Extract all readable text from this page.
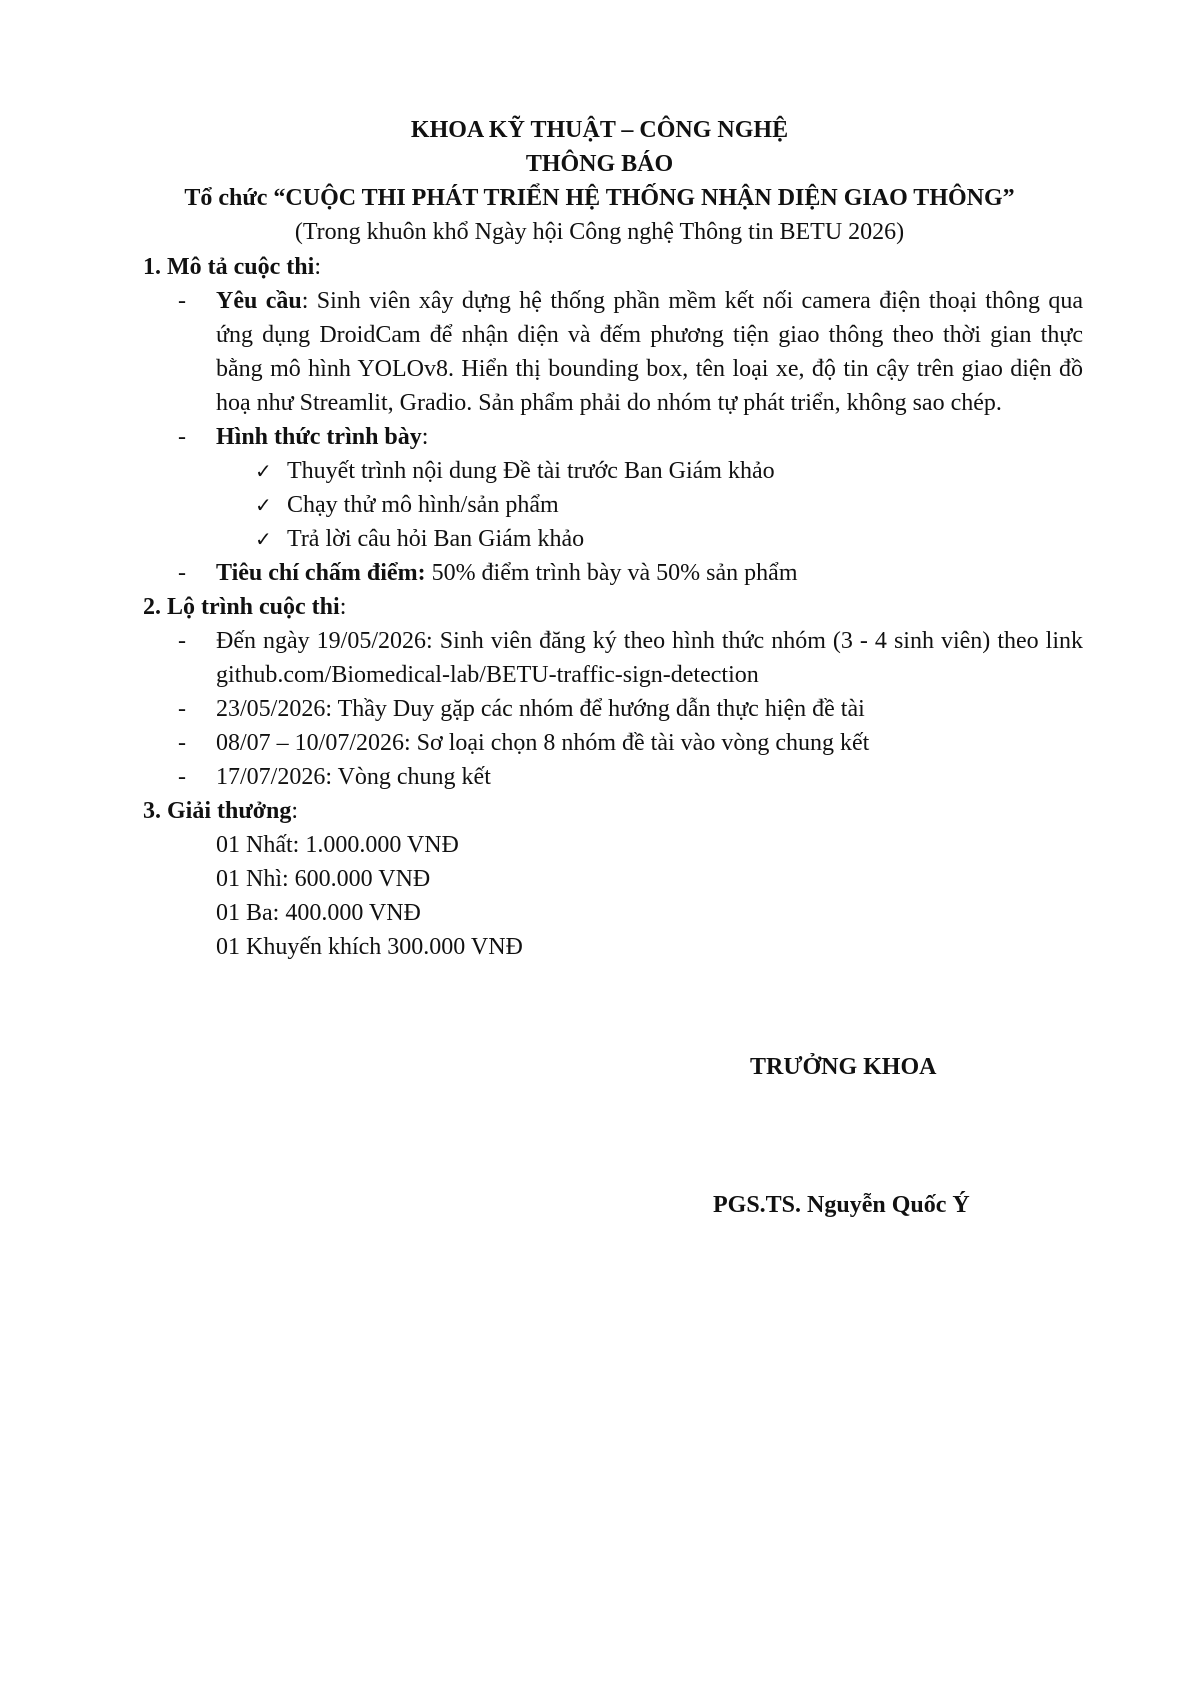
KHOA KỸ THUẬT – CÔNG NGHỆ
THÔNG BÁO
Tổ chức “CUỘC THI PHÁT TRIỂN HỆ THỐNG NHẬN DIỆN GIAO THÔNG”
(Trong khuôn khổ Ngày hội Công nghệ Thông tin BETU 2026)
1. Mô tả cuộc thi:
- Yêu cầu: Sinh viên xây dựng hệ thống phần mềm kết nối camera điện thoại thông qua ứng dụng DroidCam để nhận diện và đếm phương tiện giao thông theo thời gian thực bằng mô hình YOLOv8. Hiển thị bounding box, tên loại xe, độ tin cậy trên giao diện đồ hoạ như Streamlit, Gradio. Sản phẩm phải do nhóm tự phát triển, không sao chép.
- Hình thức trình bày:
✓ Thuyết trình nội dung Đề tài trước Ban Giám khảo
✓ Chạy thử mô hình/sản phẩm
✓ Trả lời câu hỏi Ban Giám khảo
- Tiêu chí chấm điểm: 50% điểm trình bày và 50% sản phẩm
2. Lộ trình cuộc thi:
- Đến ngày 19/05/2026: Sinh viên đăng ký theo hình thức nhóm (3 - 4 sinh viên) theo link github.com/Biomedical-lab/BETU-traffic-sign-detection
- 23/05/2026: Thầy Duy gặp các nhóm để hướng dẫn thực hiện đề tài
- 08/07 – 10/07/2026: Sơ loại chọn 8 nhóm đề tài vào vòng chung kết
- 17/07/2026: Vòng chung kết
3. Giải thưởng:
01 Nhất: 1.000.000 VNĐ
01 Nhì: 600.000 VNĐ
01 Ba: 400.000 VNĐ
01 Khuyến khích 300.000 VNĐ
TRƯỞNG KHOA
PGS.TS. Nguyễn Quốc Ý
